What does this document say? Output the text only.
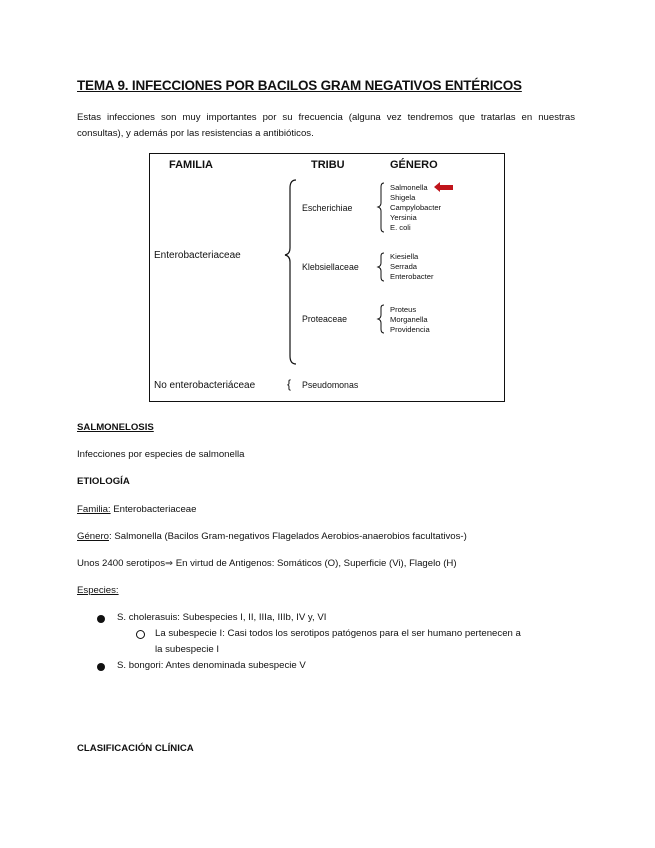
TEMA 9. INFECCIONES POR BACILOS GRAM NEGATIVOS ENTÉRICOS
Estas infecciones son muy importantes por su frecuencia (alguna vez tendremos que tratarlas en nuestras consultas), y además por las resistencias a antibióticos.
FAMILIA	TRIBU	GÉNERO
Enterobacteriaceae
No enterobacteriáceae
Escherichiae
Klebsiellaceae
Proteaceae
Salmonella
Shigela
Campylobacter
Yersinia
E. coli
Kiesiella
Serrada
Enterobacter
Proteus
Morganella
Providencia
{ Pseudomonas
SALMONELOSIS
Infecciones por especies de salmonella
ETIOLOGÍA
Familia: Enterobacteriaceae
Género: Salmonella (Bacilos Gram-negativos Flagelados Aerobios-anaerobios facultativos-)
Unos 2400 serotipos⇒ En virtud de Antigenos: Somáticos (O), Superficie (Vi), Flagelo (H)
Especies:
S. cholerasuis: Subespecies I, II, IIIa, IIIb, IV y, VI
La subespecie I: Casi todos los serotipos patógenos para el ser humano pertenecen a
la subespecie I
S. bongori: Antes denominada subespecie V
CLASIFICACIÓN CLÍNICA
